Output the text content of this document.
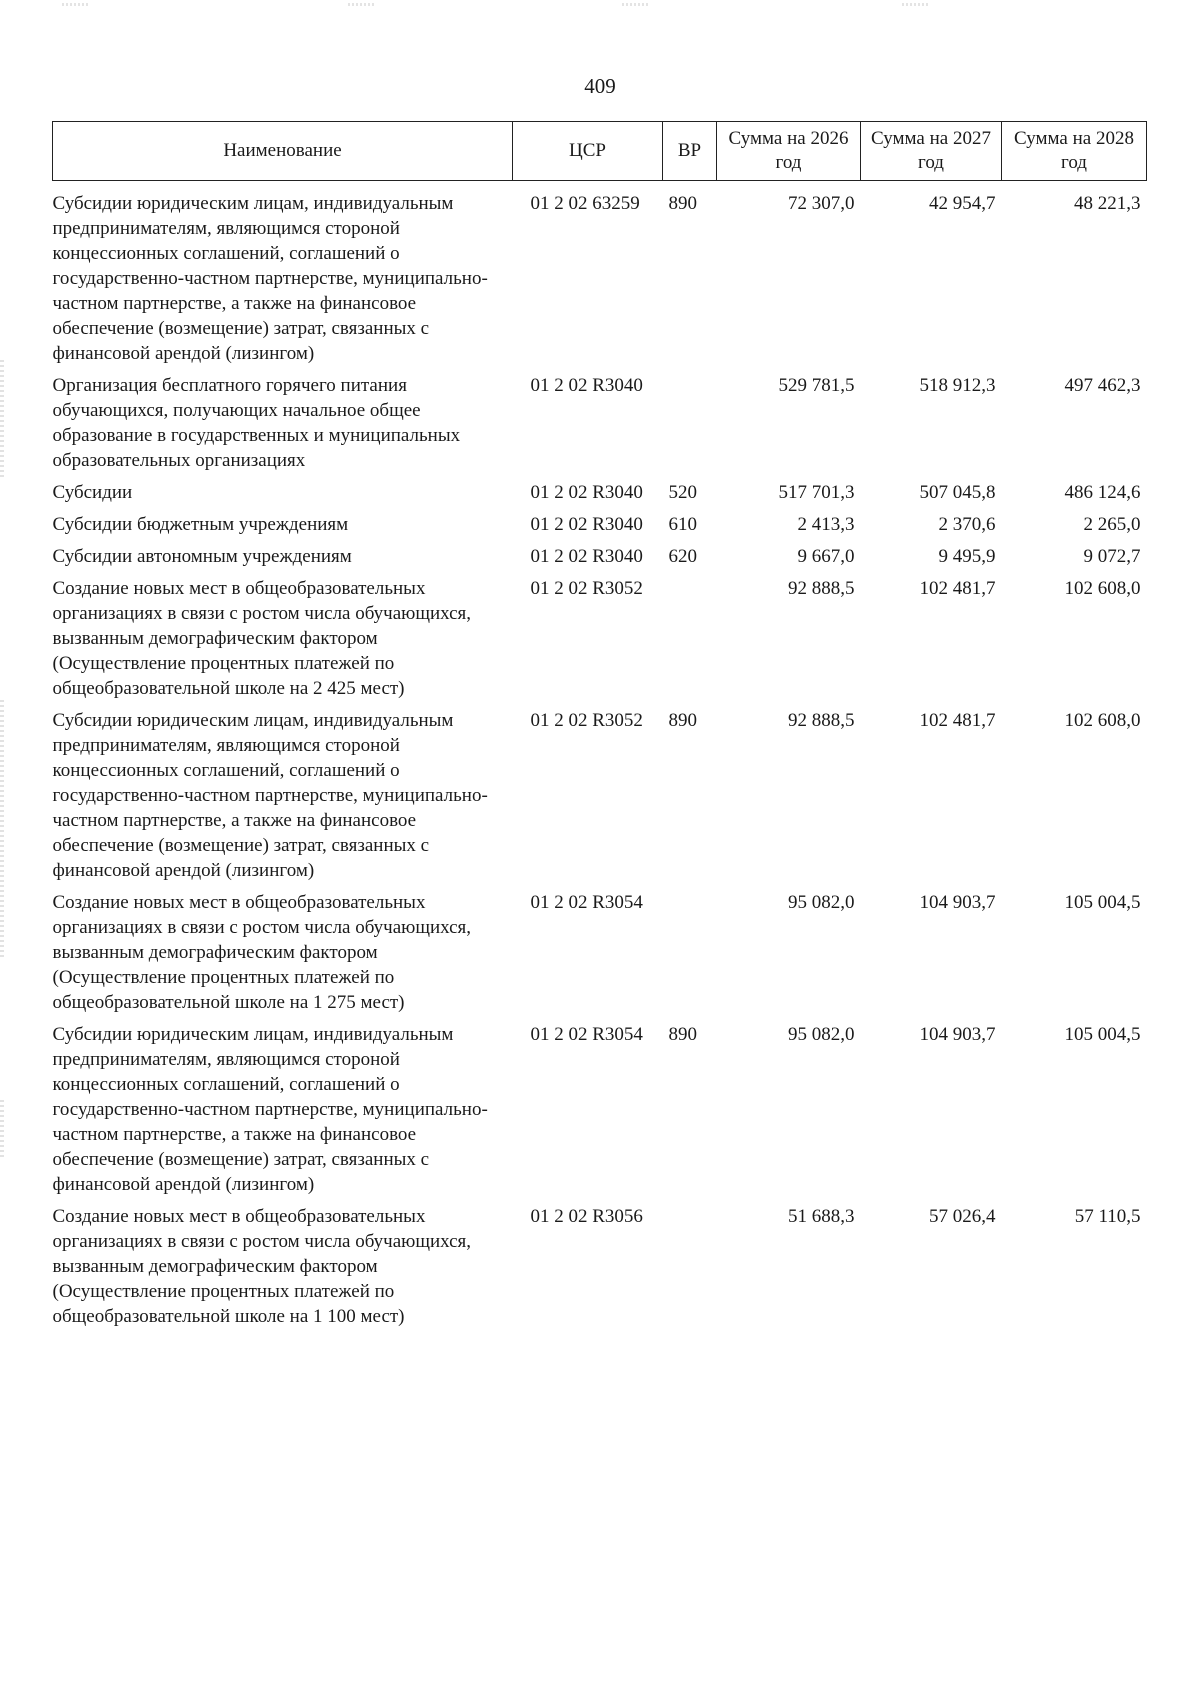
409
Наименование	ЦСР	ВР	Сумма на 2026 год	Сумма на 2027 год	Сумма на 2028 год
Субсидии юридическим лицам, индивидуальным предпринимателям, являющимся стороной концессионных соглашений, соглашений о государственно-частном партнерстве, муниципально-частном партнерстве, а также на финансовое обеспечение (возмещение) затрат, связанных с финансовой арендой (лизингом)	01 2 02 63259	890	72 307,0	42 954,7	48 221,3
Организация бесплатного горячего питания обучающихся, получающих начальное общее образование в государственных и муниципальных образовательных организациях	01 2 02 R3040		529 781,5	518 912,3	497 462,3
Субсидии	01 2 02 R3040	520	517 701,3	507 045,8	486 124,6
Субсидии бюджетным учреждениям	01 2 02 R3040	610	2 413,3	2 370,6	2 265,0
Субсидии автономным учреждениям	01 2 02 R3040	620	9 667,0	9 495,9	9 072,7
Создание новых мест в общеобразовательных организациях в связи с ростом числа обучающихся, вызванным демографическим фактором (Осуществление процентных платежей по общеобразовательной школе на 2 425 мест)	01 2 02 R3052		92 888,5	102 481,7	102 608,0
Субсидии юридическим лицам, индивидуальным предпринимателям, являющимся стороной концессионных соглашений, соглашений о государственно-частном партнерстве, муниципально-частном партнерстве, а также на финансовое обеспечение (возмещение) затрат, связанных с финансовой арендой (лизингом)	01 2 02 R3052	890	92 888,5	102 481,7	102 608,0
Создание новых мест в общеобразовательных организациях в связи с ростом числа обучающихся, вызванным демографическим фактором (Осуществление процентных платежей по общеобразовательной школе на 1 275 мест)	01 2 02 R3054		95 082,0	104 903,7	105 004,5
Субсидии юридическим лицам, индивидуальным предпринимателям, являющимся стороной концессионных соглашений, соглашений о государственно-частном партнерстве, муниципально-частном партнерстве, а также на финансовое обеспечение (возмещение) затрат, связанных с финансовой арендой (лизингом)	01 2 02 R3054	890	95 082,0	104 903,7	105 004,5
Создание новых мест в общеобразовательных организациях в связи с ростом числа обучающихся, вызванным демографическим фактором (Осуществление процентных платежей по общеобразовательной школе на 1 100 мест)	01 2 02 R3056		51 688,3	57 026,4	57 110,5
